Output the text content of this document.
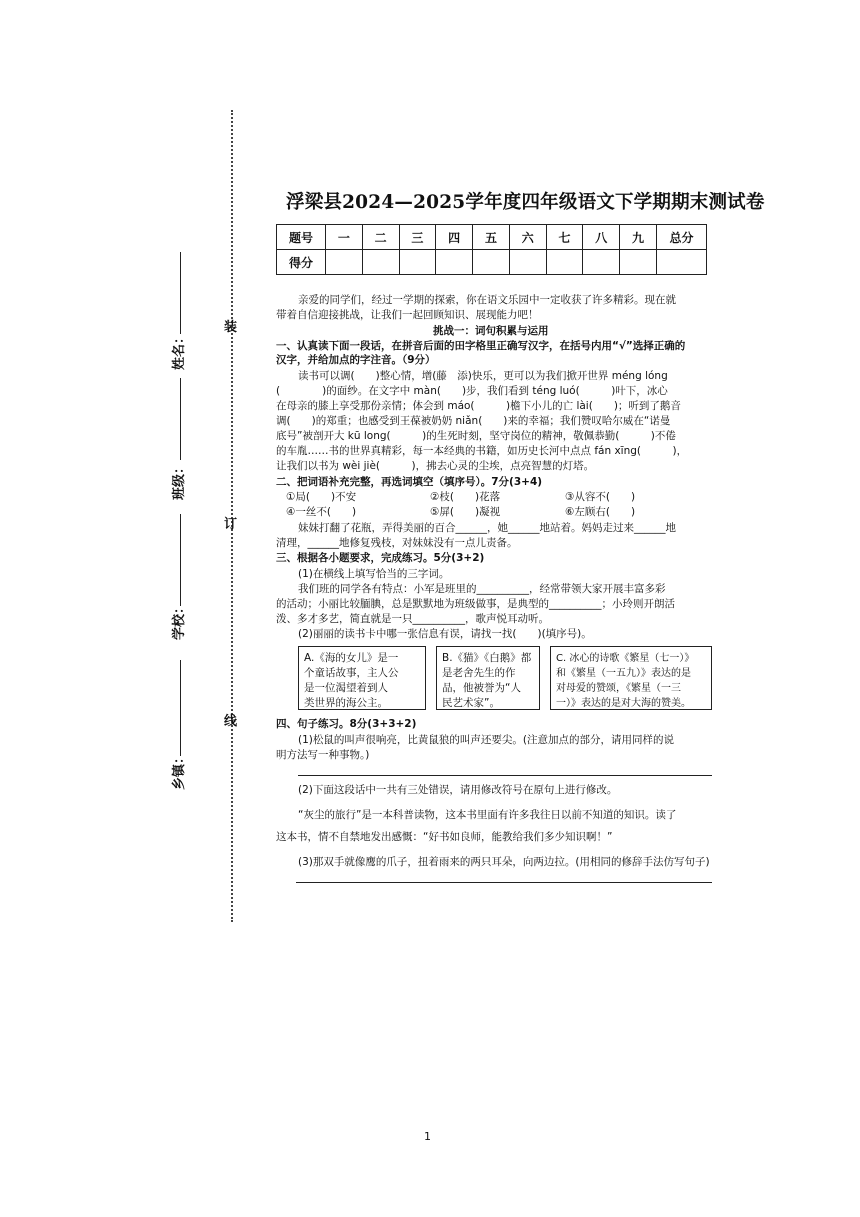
装
订
线
姓名：
班级：
学校：
乡镇：
浮梁县2024—2025学年度四年级语文下学期期末测试卷
题号	一	二	三	四	五	六	七	八	九	总分
得分										
亲爱的同学们，经过一学期的探索，你在语文乐园中一定收获了许多精彩。现在就
带着自信迎接挑战，让我们一起回顾知识、展现能力吧！
挑战一：词句积累与运用
一、认真读下面一段话，在拼音后面的田字格里正确写汉字，在括号内用“√”选择正确的
汉字，并给加点的字注音。（9分）
读书可以调(　　)整心情，增(藤　添)快乐，更可以为我们掀开世界 méng lóng
(　　　　)的面纱。在文字中 màn(　　)步，我们看到 téng luó(　　　)叶下，冰心
在母亲的膝上享受那份亲情；体会到 máo(　　　)檐下小儿的亡 lài(　　)；听到了鹅音
调(　　)的郑重；也感受到王葆被奶奶 niǎn(　　)来的幸福；我们赞叹哈尔威在“诺曼
底号”被剖开大 kū long(　　　)的生死时刻，坚守岗位的精神，敬佩恭勤(　　　)不倦
的车胤……书的世界真精彩，每一本经典的书籍，如历史长河中点点 fán xīng(　　　)，
让我们以书为 wèi jiè(　　　)，拂去心灵的尘埃，点亮智慧的灯塔。
二、把词语补充完整，再选词填空（填序号）。7分(3+4)
①局(　　)不安	②枝(　　)花落	③从容不(　　)
④一丝不(　　)	⑤屏(　　)凝视	⑥左顾右(　　)
妹妹打翻了花瓶，弄得美丽的百合______，她______地站着。妈妈走过来______地
清理，______地修复残枝，对妹妹没有一点儿责备。
三、根据各小题要求，完成练习。5分(3+2)
(1)在横线上填写恰当的三字词。
我们班的同学各有特点：小军是班里的__________，经常带领大家开展丰富多彩
的活动；小丽比较腼腆，总是默默地为班级做事，是典型的__________；小玲则开朗活
泼、多才多艺，简直就是一只__________，歌声悦耳动听。
(2)丽丽的读书卡中哪一张信息有误，请找一找(　　)(填序号)。
A.《海的女儿》是一
个童话故事，主人公
是一位渴望着到人
类世界的海公主。
B.《猫》《白鹅》都
是老舍先生的作
品，他被誉为“人
民艺术家”。
C. 冰心的诗歌《繁星（七一）》
和《繁星（一五九）》表达的是
对母爱的赞颂，《繁星（一三
一）》表达的是对大海的赞美。
四、句子练习。8分(3+3+2)
(1)松鼠的叫声很响亮，比黄鼠狼的叫声还要尖。(注意加点的部分，请用同样的说
明方法写一种事物。)
(2)下面这段话中一共有三处错误，请用修改符号在原句上进行修改。
“灰尘的旅行”是一本科普读物，这本书里面有许多我往日以前不知道的知识。读了
这本书，情不自禁地发出感慨：“好书如良师，能教给我们多少知识啊！”
(3)那双手就像鹰的爪子，扭着雨来的两只耳朵，向两边拉。(用相同的修辞手法仿写句子)
1
